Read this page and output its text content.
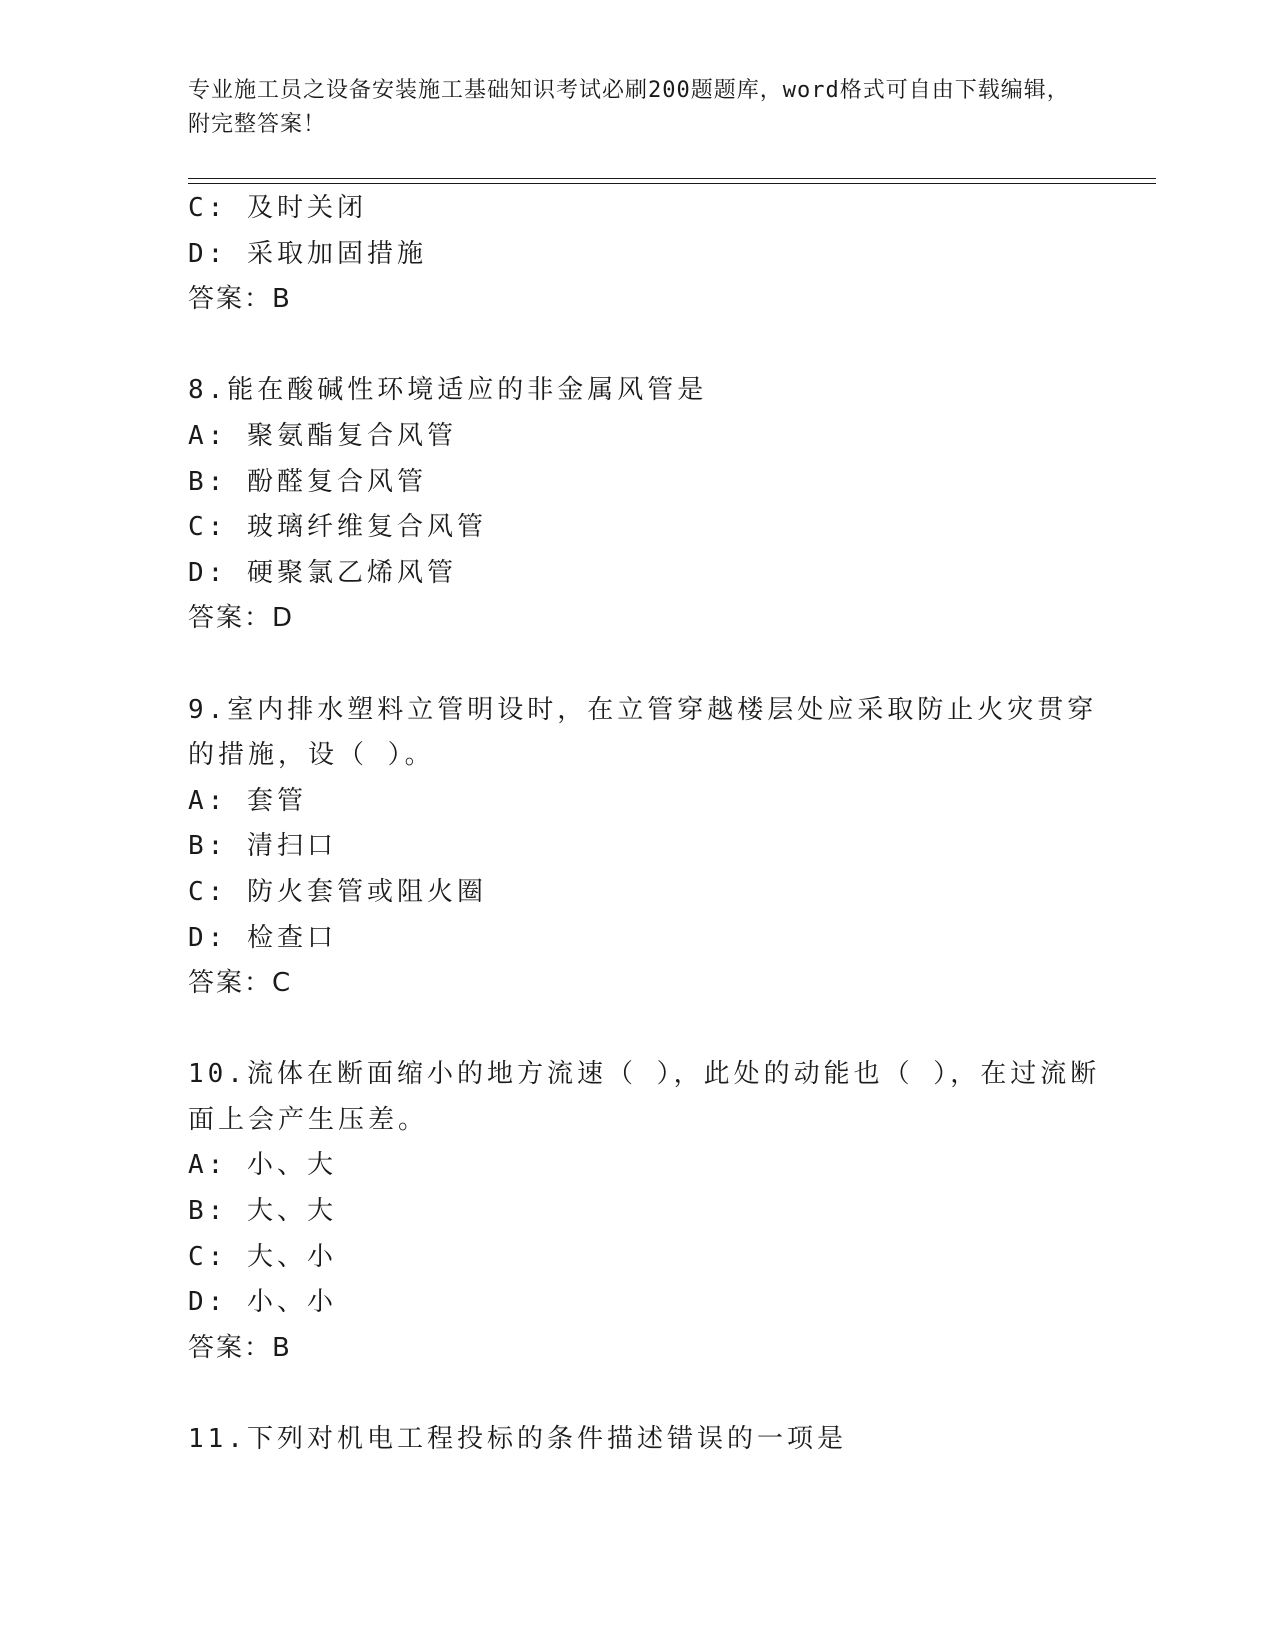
专业施工员之设备安装施工基础知识考试必刷200题题库，word格式可自由下载编辑，附完整答案！

C: 及时关闭

D: 采取加固措施

答案：B

8.能在酸碱性环境适应的非金属风管是

A: 聚氨酯复合风管

B: 酚醛复合风管

C: 玻璃纤维复合风管

D: 硬聚氯乙烯风管

答案：D

9.室内排水塑料立管明设时，在立管穿越楼层处应采取防止火灾贯穿

的措施，设（ ）。

A: 套管

B: 清扫口

C: 防火套管或阻火圈

D: 检查口

答案：C

10.流体在断面缩小的地方流速（ ），此处的动能也（ ），在过流断

面上会产生压差。

A: 小、大

B: 大、大

C: 大、小

D: 小、小

答案：B

11.下列对机电工程投标的条件描述错误的一项是
